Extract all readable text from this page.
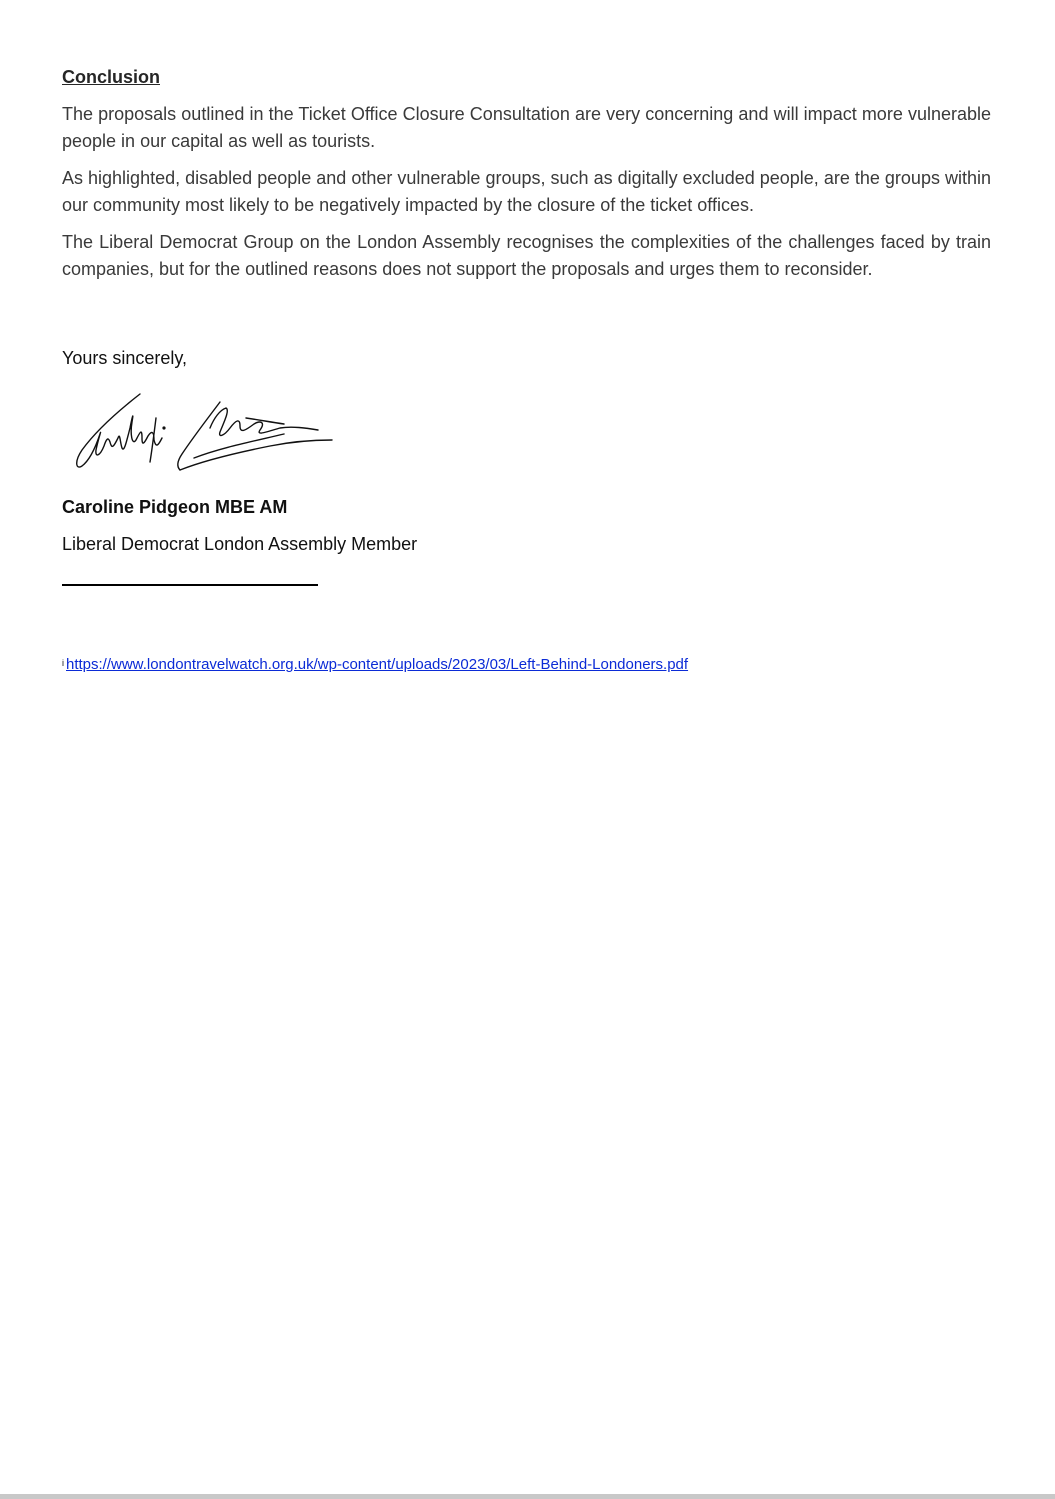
Conclusion

The proposals outlined in the Ticket Office Closure Consultation are very concerning and will impact more vulnerable people in our capital as well as tourists.

As highlighted, disabled people and other vulnerable groups, such as digitally excluded people, are the groups within our community most likely to be negatively impacted by the closure of the ticket offices.

The Liberal Democrat Group on the London Assembly recognises the complexities of the challenges faced by train companies, but for the outlined reasons does not support the proposals and urges them to reconsider.

Yours sincerely,
Caroline Pidgeon MBE AM
Liberal Democrat London Assembly Member
$^i$ https://www.londontravelwatch.org.uk/wp-content/uploads/2023/03/Left-Behind-Londoners.pdf
